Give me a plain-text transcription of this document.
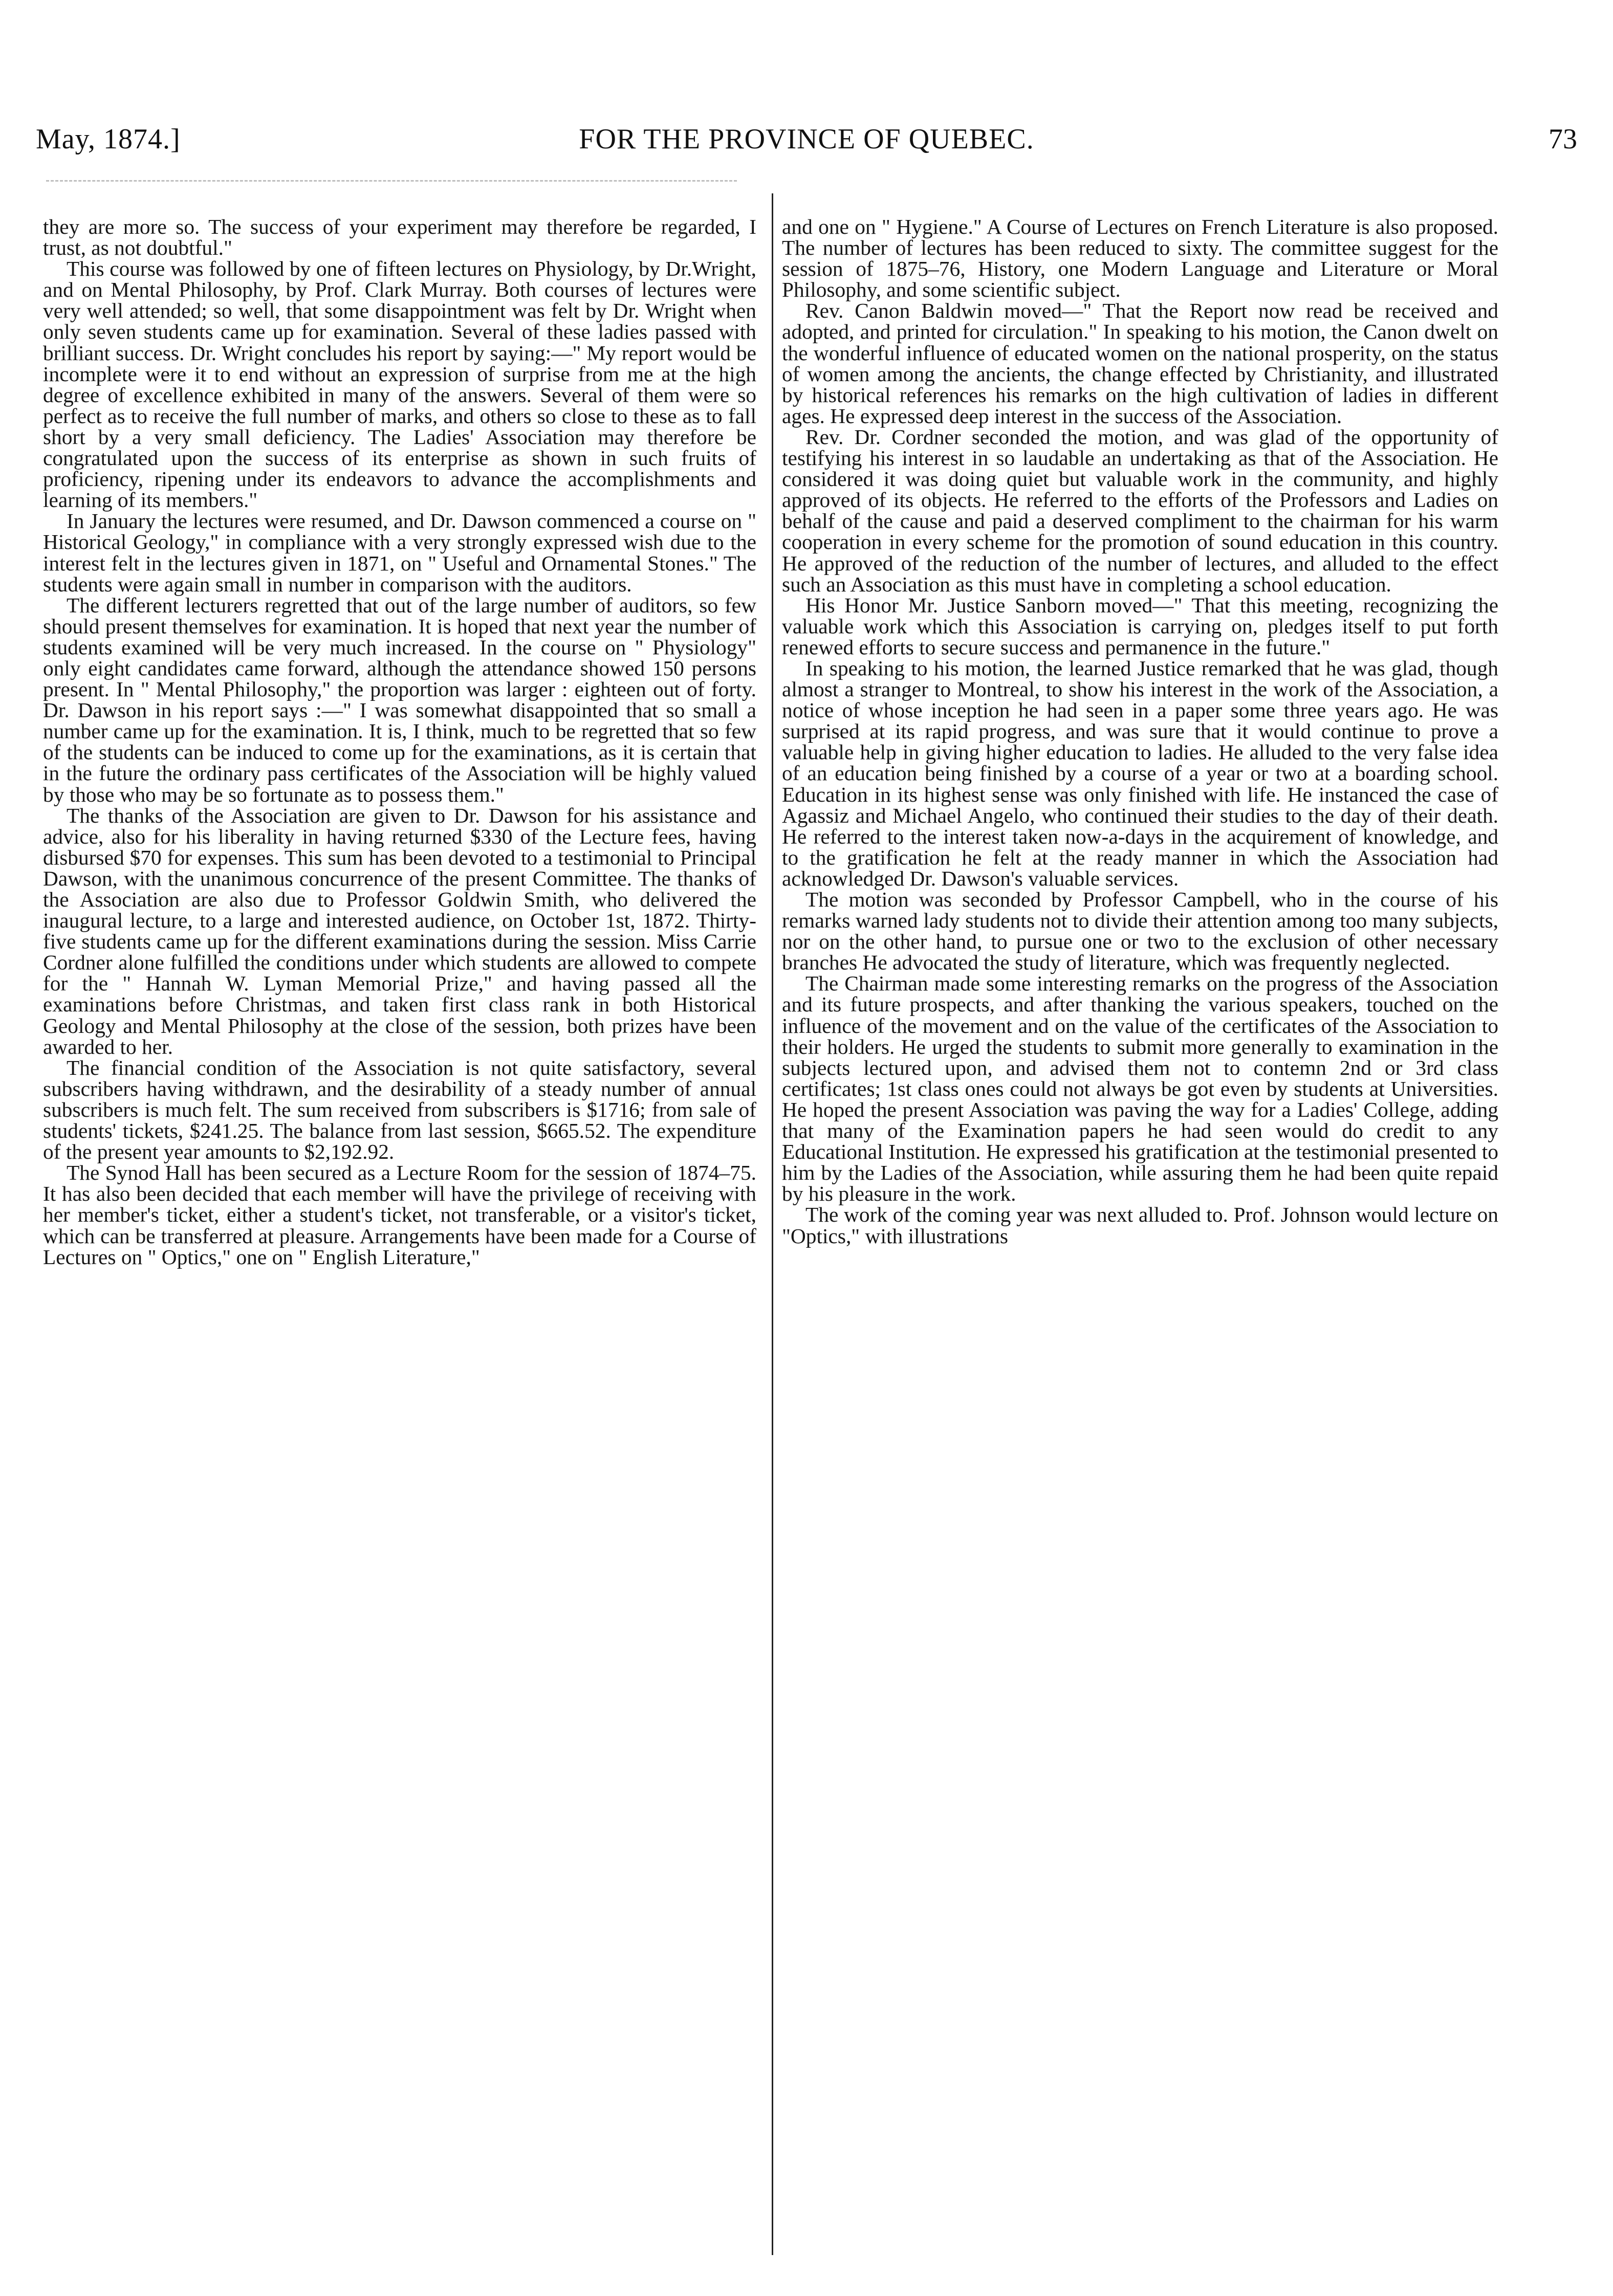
May, 1874.]	FOR THE PROVINCE OF QUEBEC.	73

they are more so. The success of your experiment may therefore be regarded, I trust, as not doubtful."

This course was followed by one of fifteen lectures on Physiology, by Dr.Wright, and on Mental Philosophy, by Prof. Clark Murray. Both courses of lectures were very well attended; so well, that some disappointment was felt by Dr. Wright when only seven students came up for examination. Several of these ladies passed with brilliant success. Dr. Wright concludes his report by saying:—" My report would be incomplete were it to end without an expression of surprise from me at the high degree of excellence exhibited in many of the answers. Several of them were so perfect as to receive the full number of marks, and others so close to these as to fall short by a very small deficiency. The Ladies' Association may therefore be congratulated upon the success of its enterprise as shown in such fruits of proficiency, ripening under its endeavors to advance the accomplishments and learning of its members."

In January the lectures were resumed, and Dr. Dawson commenced a course on " Historical Geology," in compliance with a very strongly expressed wish due to the interest felt in the lectures given in 1871, on " Useful and Ornamental Stones." The students were again small in number in comparison with the auditors.

The different lecturers regretted that out of the large number of auditors, so few should present themselves for examination. It is hoped that next year the number of students examined will be very much increased. In the course on " Physiology" only eight candidates came forward, although the attendance showed 150 persons present. In " Mental Philosophy," the proportion was larger : eighteen out of forty. Dr. Dawson in his report says :—" I was somewhat disappointed that so small a number came up for the examination. It is, I think, much to be regretted that so few of the students can be induced to come up for the examinations, as it is certain that in the future the ordinary pass certificates of the Association will be highly valued by those who may be so fortunate as to possess them."

The thanks of the Association are given to Dr. Dawson for his assistance and advice, also for his liberality in having returned $330 of the Lecture fees, having disbursed $70 for expenses. This sum has been devoted to a testimonial to Principal Dawson, with the unanimous concurrence of the present Committee. The thanks of the Association are also due to Professor Goldwin Smith, who delivered the inaugural lecture, to a large and interested audience, on October 1st, 1872. Thirty-five students came up for the different examinations during the session. Miss Carrie Cordner alone fulfilled the conditions under which students are allowed to compete for the " Hannah W. Lyman Memorial Prize," and having passed all the examinations before Christmas, and taken first class rank in both Historical Geology and Mental Philosophy at the close of the session, both prizes have been awarded to her.

The financial condition of the Association is not quite satisfactory, several subscribers having withdrawn, and the desirability of a steady number of annual subscribers is much felt. The sum received from subscribers is $1716; from sale of students' tickets, $241.25. The balance from last session, $665.52. The expenditure of the present year amounts to $2,192.92.

The Synod Hall has been secured as a Lecture Room for the session of 1874–75. It has also been decided that each member will have the privilege of receiving with her member's ticket, either a student's ticket, not transferable, or a visitor's ticket, which can be transferred at pleasure. Arrangements have been made for a Course of Lectures on " Optics," one on " English Literature,"

and one on " Hygiene." A Course of Lectures on French Literature is also proposed. The number of lectures has been reduced to sixty. The committee suggest for the session of 1875–76, History, one Modern Language and Literature or Moral Philosophy, and some scientific subject.

Rev. Canon Baldwin moved—" That the Report now read be received and adopted, and printed for circulation." In speaking to his motion, the Canon dwelt on the wonderful influence of educated women on the national prosperity, on the status of women among the ancients, the change effected by Christianity, and illustrated by historical references his remarks on the high cultivation of ladies in different ages. He expressed deep interest in the success of the Association.

Rev. Dr. Cordner seconded the motion, and was glad of the opportunity of testifying his interest in so laudable an undertaking as that of the Association. He considered it was doing quiet but valuable work in the community, and highly approved of its objects. He referred to the efforts of the Professors and Ladies on behalf of the cause and paid a deserved compliment to the chairman for his warm cooperation in every scheme for the promotion of sound education in this country. He approved of the reduction of the number of lectures, and alluded to the effect such an Association as this must have in completing a school education.

His Honor Mr. Justice Sanborn moved—" That this meeting, recognizing the valuable work which this Association is carrying on, pledges itself to put forth renewed efforts to secure success and permanence in the future."

In speaking to his motion, the learned Justice remarked that he was glad, though almost a stranger to Montreal, to show his interest in the work of the Association, a notice of whose inception he had seen in a paper some three years ago. He was surprised at its rapid progress, and was sure that it would continue to prove a valuable help in giving higher education to ladies. He alluded to the very false idea of an education being finished by a course of a year or two at a boarding school. Education in its highest sense was only finished with life. He instanced the case of Agassiz and Michael Angelo, who continued their studies to the day of their death. He referred to the interest taken now-a-days in the acquirement of knowledge, and to the gratification he felt at the ready manner in which the Association had acknowledged Dr. Dawson's valuable services.

The motion was seconded by Professor Campbell, who in the course of his remarks warned lady students not to divide their attention among too many subjects, nor on the other hand, to pursue one or two to the exclusion of other necessary branches He advocated the study of literature, which was frequently neglected.

The Chairman made some interesting remarks on the progress of the Association and its future prospects, and after thanking the various speakers, touched on the influence of the movement and on the value of the certificates of the Association to their holders. He urged the students to submit more generally to examination in the subjects lectured upon, and advised them not to contemn 2nd or 3rd class certificates; 1st class ones could not always be got even by students at Universities. He hoped the present Association was paving the way for a Ladies' College, adding that many of the Examination papers he had seen would do credit to any Educational Institution. He expressed his gratification at the testimonial presented to him by the Ladies of the Association, while assuring them he had been quite repaid by his pleasure in the work.

The work of the coming year was next alluded to. Prof. Johnson would lecture on "Optics," with illustrations
